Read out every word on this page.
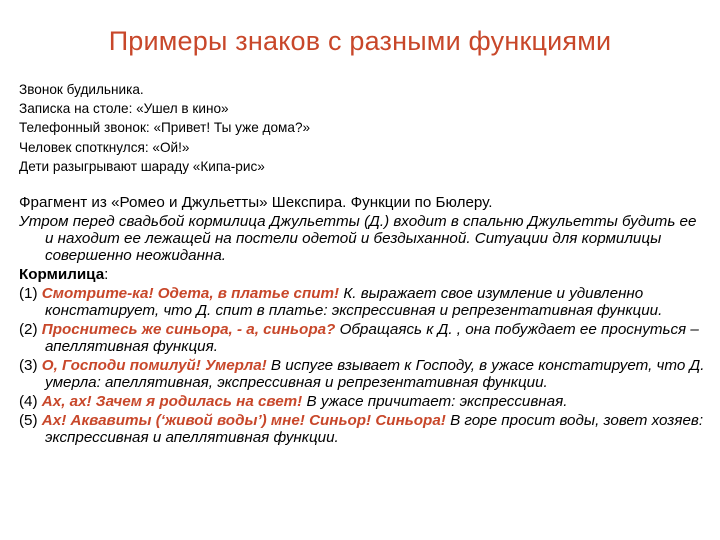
Примеры знаков с разными функциями
Звонок будильника.
Записка на столе: «Ушел в кино»
Телефонный звонок: «Привет! Ты уже дома?»
Человек споткнулся: «Ой!»
Дети разыгрывают шараду «Кипа-рис»
Фрагмент из «Ромео и Джульетты» Шекспира. Функции по Бюлеру.
Утром перед свадьбой кормилица Джульетты (Д.) входит в спальню Джульетты будить ее и находит ее лежащей на постели одетой и бездыханной. Ситуации для кормилицы совершенно неожиданна.
Кормилица:
(1) Смотрите-ка! Одета, в платье спит! К. выражает свое изумление и удивленно констатирует, что Д. спит в платье: экспрессивная и репрезентативная функции.
(2) Проснитесь же синьора, - а, синьора? Обращаясь к Д. , она побуждает ее проснуться – апеллятивная функция.
(3) О, Господи помилуй! Умерла! В испуге взывает к Господу, в ужасе констатирует, что Д. умерла: апеллятивная, экспрессивная и репрезентативная функции.
(4) Ах, ах! Зачем я родилась на свет! В ужасе причитает: экспрессивная.
(5) Ах! Аквавиты (‘живой воды’) мне! Синьор! Синьора! В горе просит воды, зовет хозяев: экспрессивная и апеллятивная функции.
